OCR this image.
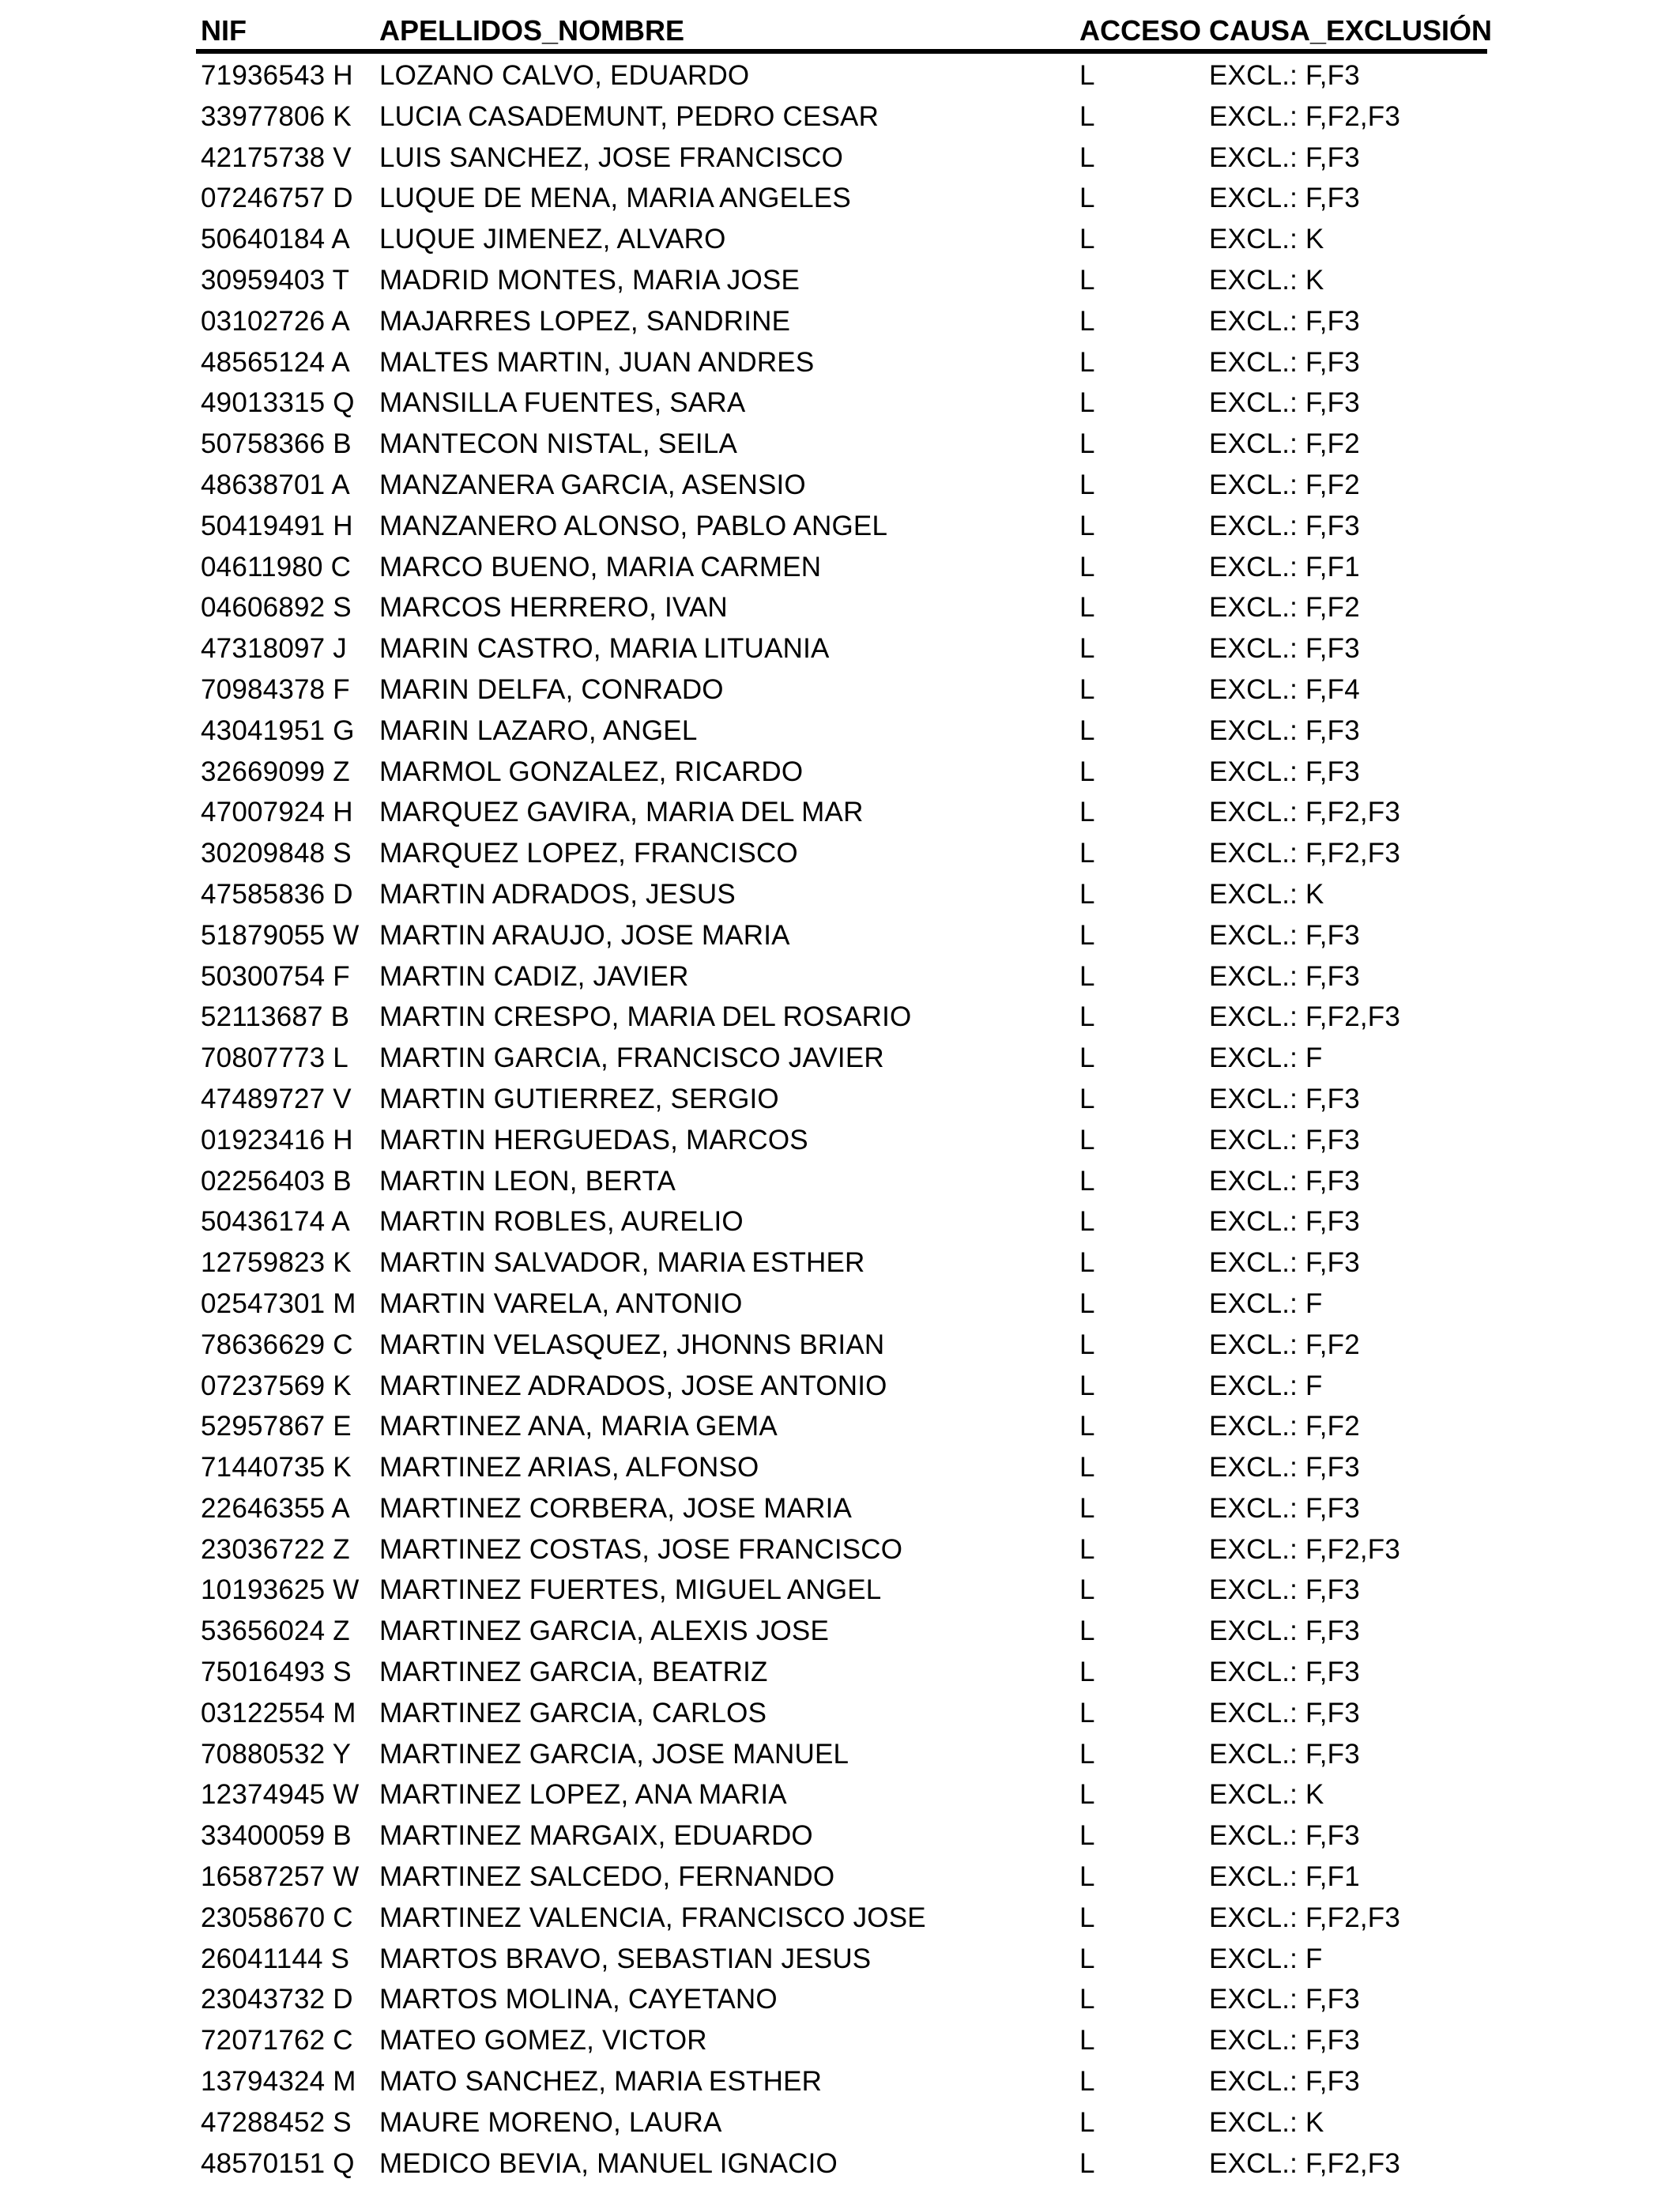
NIF	APELLIDOS_NOMBRE	ACCESO CAUSA_EXCLUSIÓN
71936543 H LOZANO CALVO, EDUARDO	L	EXCL.: F,F3
33977806 K LUCIA CASADEMUNT, PEDRO CESAR	L	EXCL.: F,F2,F3
42175738 V LUIS SANCHEZ, JOSE FRANCISCO	L	EXCL.: F,F3
07246757 D LUQUE DE MENA, MARIA ANGELES	L	EXCL.: F,F3
50640184 A LUQUE JIMENEZ, ALVARO	L	EXCL.: K
30959403 T MADRID MONTES, MARIA JOSE	L	EXCL.: K
03102726 A MAJARRES LOPEZ, SANDRINE	L	EXCL.: F,F3
48565124 A MALTES MARTIN, JUAN ANDRES	L	EXCL.: F,F3
49013315 Q MANSILLA FUENTES, SARA	L	EXCL.: F,F3
50758366 B MANTECON NISTAL, SEILA	L	EXCL.: F,F2
48638701 A MANZANERA GARCIA, ASENSIO	L	EXCL.: F,F2
50419491 H MANZANERO ALONSO, PABLO ANGEL	L	EXCL.: F,F3
04611980 C MARCO BUENO, MARIA CARMEN	L	EXCL.: F,F1
04606892 S MARCOS HERRERO, IVAN	L	EXCL.: F,F2
47318097 J MARIN CASTRO, MARIA LITUANIA	L	EXCL.: F,F3
70984378 F MARIN DELFA, CONRADO	L	EXCL.: F,F4
43041951 G MARIN LAZARO, ANGEL	L	EXCL.: F,F3
32669099 Z MARMOL GONZALEZ, RICARDO	L	EXCL.: F,F3
47007924 H MARQUEZ GAVIRA, MARIA DEL MAR	L	EXCL.: F,F2,F3
30209848 S MARQUEZ LOPEZ, FRANCISCO	L	EXCL.: F,F2,F3
47585836 D MARTIN ADRADOS, JESUS	L	EXCL.: K
51879055 W MARTIN ARAUJO, JOSE MARIA	L	EXCL.: F,F3
50300754 F MARTIN CADIZ, JAVIER	L	EXCL.: F,F3
52113687 B MARTIN CRESPO, MARIA DEL ROSARIO	L	EXCL.: F,F2,F3
70807773 L MARTIN GARCIA, FRANCISCO JAVIER	L	EXCL.: F
47489727 V MARTIN GUTIERREZ, SERGIO	L	EXCL.: F,F3
01923416 H MARTIN HERGUEDAS, MARCOS	L	EXCL.: F,F3
02256403 B MARTIN LEON, BERTA	L	EXCL.: F,F3
50436174 A MARTIN ROBLES, AURELIO	L	EXCL.: F,F3
12759823 K MARTIN SALVADOR, MARIA ESTHER	L	EXCL.: F,F3
02547301 M MARTIN VARELA, ANTONIO	L	EXCL.: F
78636629 C MARTIN VELASQUEZ, JHONNS BRIAN	L	EXCL.: F,F2
07237569 K MARTINEZ ADRADOS, JOSE ANTONIO	L	EXCL.: F
52957867 E MARTINEZ ANA, MARIA GEMA	L	EXCL.: F,F2
71440735 K MARTINEZ ARIAS, ALFONSO	L	EXCL.: F,F3
22646355 A MARTINEZ CORBERA, JOSE MARIA	L	EXCL.: F,F3
23036722 Z MARTINEZ COSTAS, JOSE FRANCISCO	L	EXCL.: F,F2,F3
10193625 W MARTINEZ FUERTES, MIGUEL ANGEL	L	EXCL.: F,F3
53656024 Z MARTINEZ GARCIA, ALEXIS JOSE	L	EXCL.: F,F3
75016493 S MARTINEZ GARCIA, BEATRIZ	L	EXCL.: F,F3
03122554 M MARTINEZ GARCIA, CARLOS	L	EXCL.: F,F3
70880532 Y MARTINEZ GARCIA, JOSE MANUEL	L	EXCL.: F,F3
12374945 W MARTINEZ LOPEZ, ANA MARIA	L	EXCL.: K
33400059 B MARTINEZ MARGAIX, EDUARDO	L	EXCL.: F,F3
16587257 W MARTINEZ SALCEDO, FERNANDO	L	EXCL.: F,F1
23058670 C MARTINEZ VALENCIA, FRANCISCO JOSE	L	EXCL.: F,F2,F3
26041144 S MARTOS BRAVO, SEBASTIAN JESUS	L	EXCL.: F
23043732 D MARTOS MOLINA, CAYETANO	L	EXCL.: F,F3
72071762 C MATEO GOMEZ, VICTOR	L	EXCL.: F,F3
13794324 M MATO SANCHEZ, MARIA ESTHER	L	EXCL.: F,F3
47288452 S MAURE MORENO, LAURA	L	EXCL.: K
48570151 Q MEDICO BEVIA, MANUEL IGNACIO	L	EXCL.: F,F2,F3
